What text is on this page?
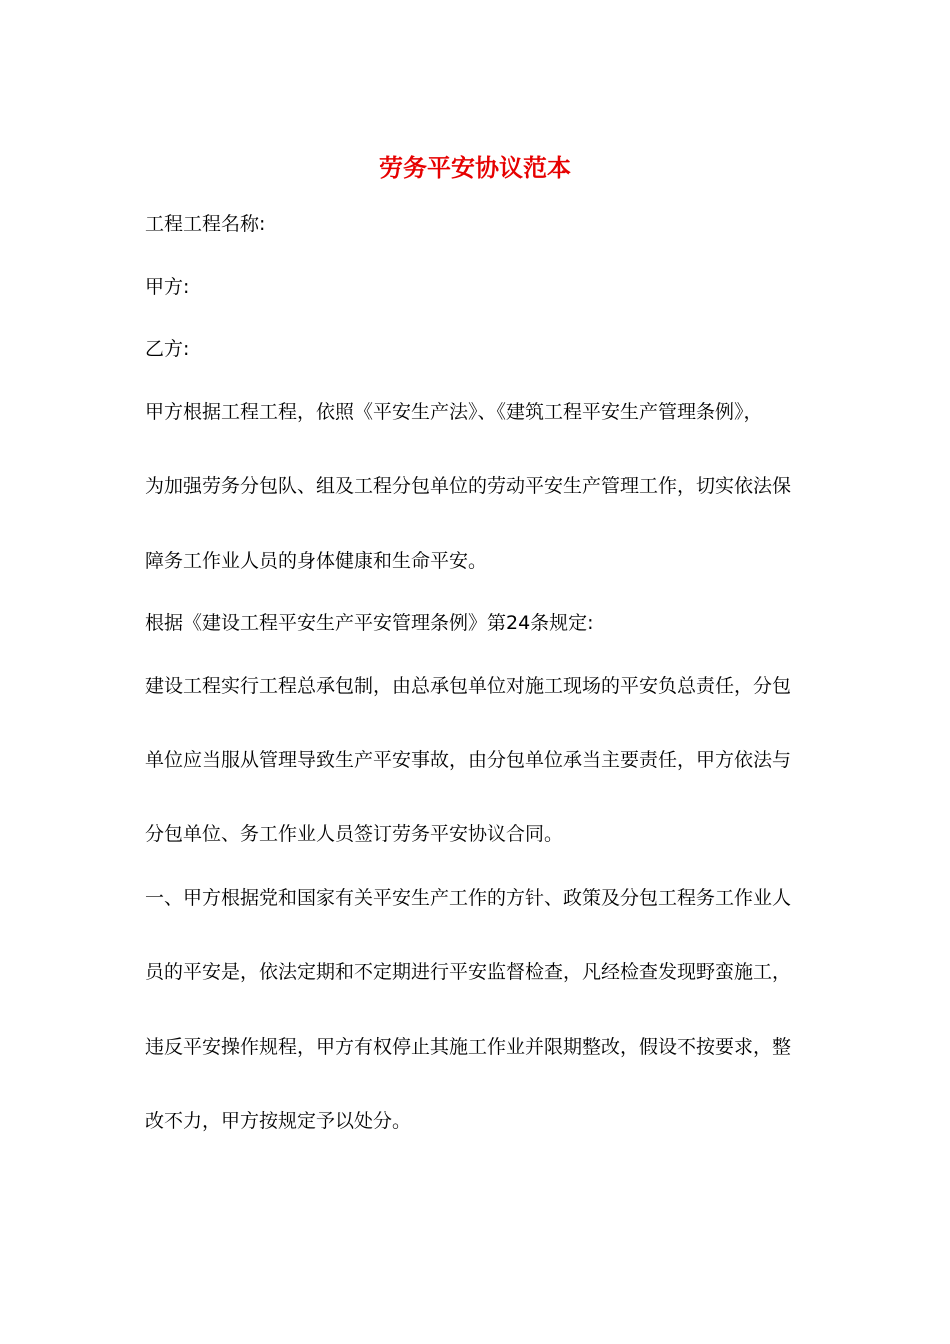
劳务平安协议范本

工程工程名称:

甲方:

乙方:

甲方根据工程工程，依照《平安生产法》、《建筑工程平安生产管理条例》，

为加强劳务分包队、组及工程分包单位的劳动平安生产管理工作，切实依法保

障务工作业人员的身体健康和生命平安。

根据《建设工程平安生产平安管理条例》第24条规定:

建设工程实行工程总承包制，由总承包单位对施工现场的平安负总责任，分包

单位应当服从管理导致生产平安事故，由分包单位承当主要责任，甲方依法与

分包单位、务工作业人员签订劳务平安协议合同。

一、甲方根据党和国家有关平安生产工作的方针、政策及分包工程务工作业人

员的平安是，依法定期和不定期进行平安监督检查，凡经检查发现野蛮施工，

违反平安操作规程，甲方有权停止其施工作业并限期整改，假设不按要求，整

改不力，甲方按规定予以处分。
